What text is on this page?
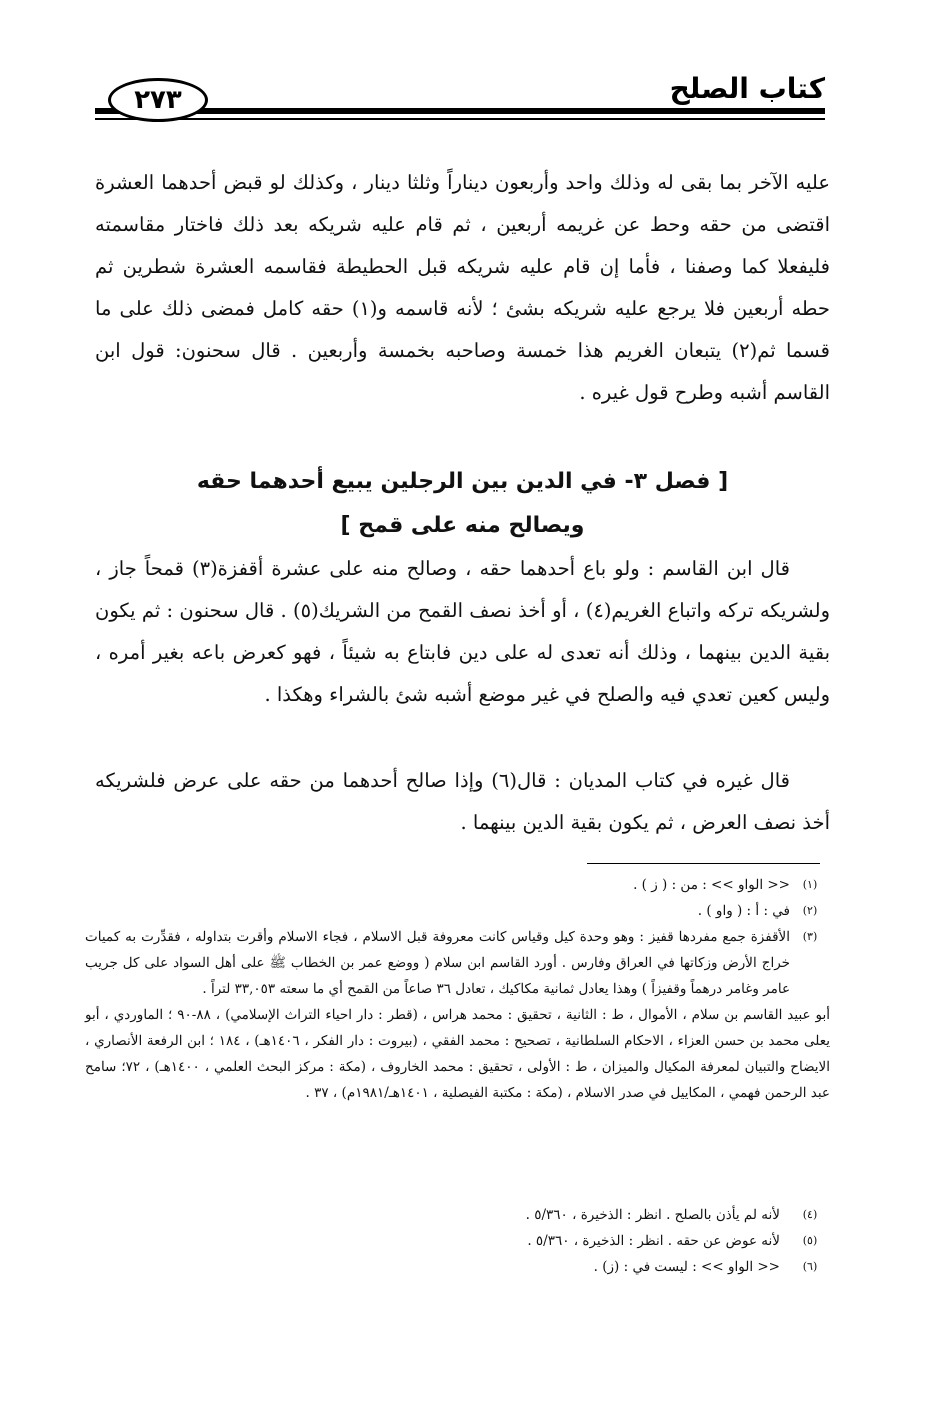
كتاب الصلح
٢٧٣
عليه الآخر بما بقى له وذلك واحد وأربعون ديناراً وثلثا دينار ، وكذلك لو قبض أحدهما العشرة اقتضى من حقه وحط عن غريمه أربعين ، ثم قام عليه شريكه بعد ذلك فاختار مقاسمته فليفعلا كما وصفنا ، فأما إن قام عليه شريكه قبل الحطيطة فقاسمه العشرة شطرين ثم حطه أربعين فلا يرجع عليه شريكه بشئ ؛ لأنه قاسمه و(١) حقه كامل فمضى ذلك على ما قسما ثم(٢) يتبعان الغريم هذا خمسة وصاحبه بخمسة وأربعين . قال سحنون: قول ابن القاسم أشبه وطرح قول غيره .
[ فصل ٣- في الدين بين الرجلين يبيع أحدهما حقه
ويصالح منه على قمح ]
قال ابن القاسم : ولو باع أحدهما حقه ، وصالح منه على عشرة أقفزة(٣) قمحاً جاز ، ولشريكه تركه واتباع الغريم(٤) ، أو أخذ نصف القمح من الشريك(٥) . قال سحنون : ثم يكون بقية الدين بينهما ، وذلك أنه تعدى له على دين فابتاع به شيئاً ، فهو كعرض باعه بغير أمره ، وليس كعين تعدي فيه والصلح في غير موضع أشبه شئ بالشراء وهكذا .
قال غيره في كتاب المديان : قال(٦) وإذا صالح أحدهما من حقه على عرض فلشريكه أخذ نصف العرض ، ثم يكون بقية الدين بينهما .
(١)
<< الواو >> : من : ( ز ) .
(٢)
في : أ : ( واو ) .
(٣)
الأقفزة جمع مفردها قفيز : وهو وحدة كيل وقياس كانت معروفة قبل الاسلام ، فجاء الاسلام وأقرت بتداوله ، فقدِّرت به كميات خراج الأرض وزكاتها في العراق وفارس . أورد القاسم ابن سلام ( ووضع عمر بن الخطاب ﷺ على أهل السواد على كل جريب عامر وغامر درهماً وقفيزاً ) وهذا يعادل ثمانية مكاكيك ، تعادل ٣٦ صاعاً من القمح أي ما سعته ٣٣,٠٥٣ لتراً .
أبو عبيد القاسم بن سلام ، الأموال ، ط : الثانية ، تحقيق : محمد هراس ، (قطر : دار احياء التراث الإسلامي) ، ٨٨-٩٠ ؛ الماوردي ، أبو يعلى محمد بن حسن العزاء ، الاحكام السلطانية ، تصحيح : محمد الفقي ، (بيروت : دار الفكر ، ١٤٠٦هـ) ، ١٨٤ ؛ ابن الرفعة الأنصاري ، الايضاح والتبيان لمعرفة المكيال والميزان ، ط : الأولى ، تحقيق : محمد الخاروف ، (مكة : مركز البحث العلمي ، ١٤٠٠هـ) ، ٧٢؛ سامح عبد الرحمن فهمي ، المكاييل في صدر الاسلام ، (مكة : مكتبة الفيصلية ، ١٤٠١هـ/١٩٨١م) ، ٣٧ .
(٤)
لأنه لم يأذن بالصلح . انظر : الذخيرة ، ٥/٣٦٠ .
(٥)
لأنه عوض عن حقه . انظر : الذخيرة ، ٥/٣٦٠ .
(٦)
<< الواو >> : ليست في : (ز) .
